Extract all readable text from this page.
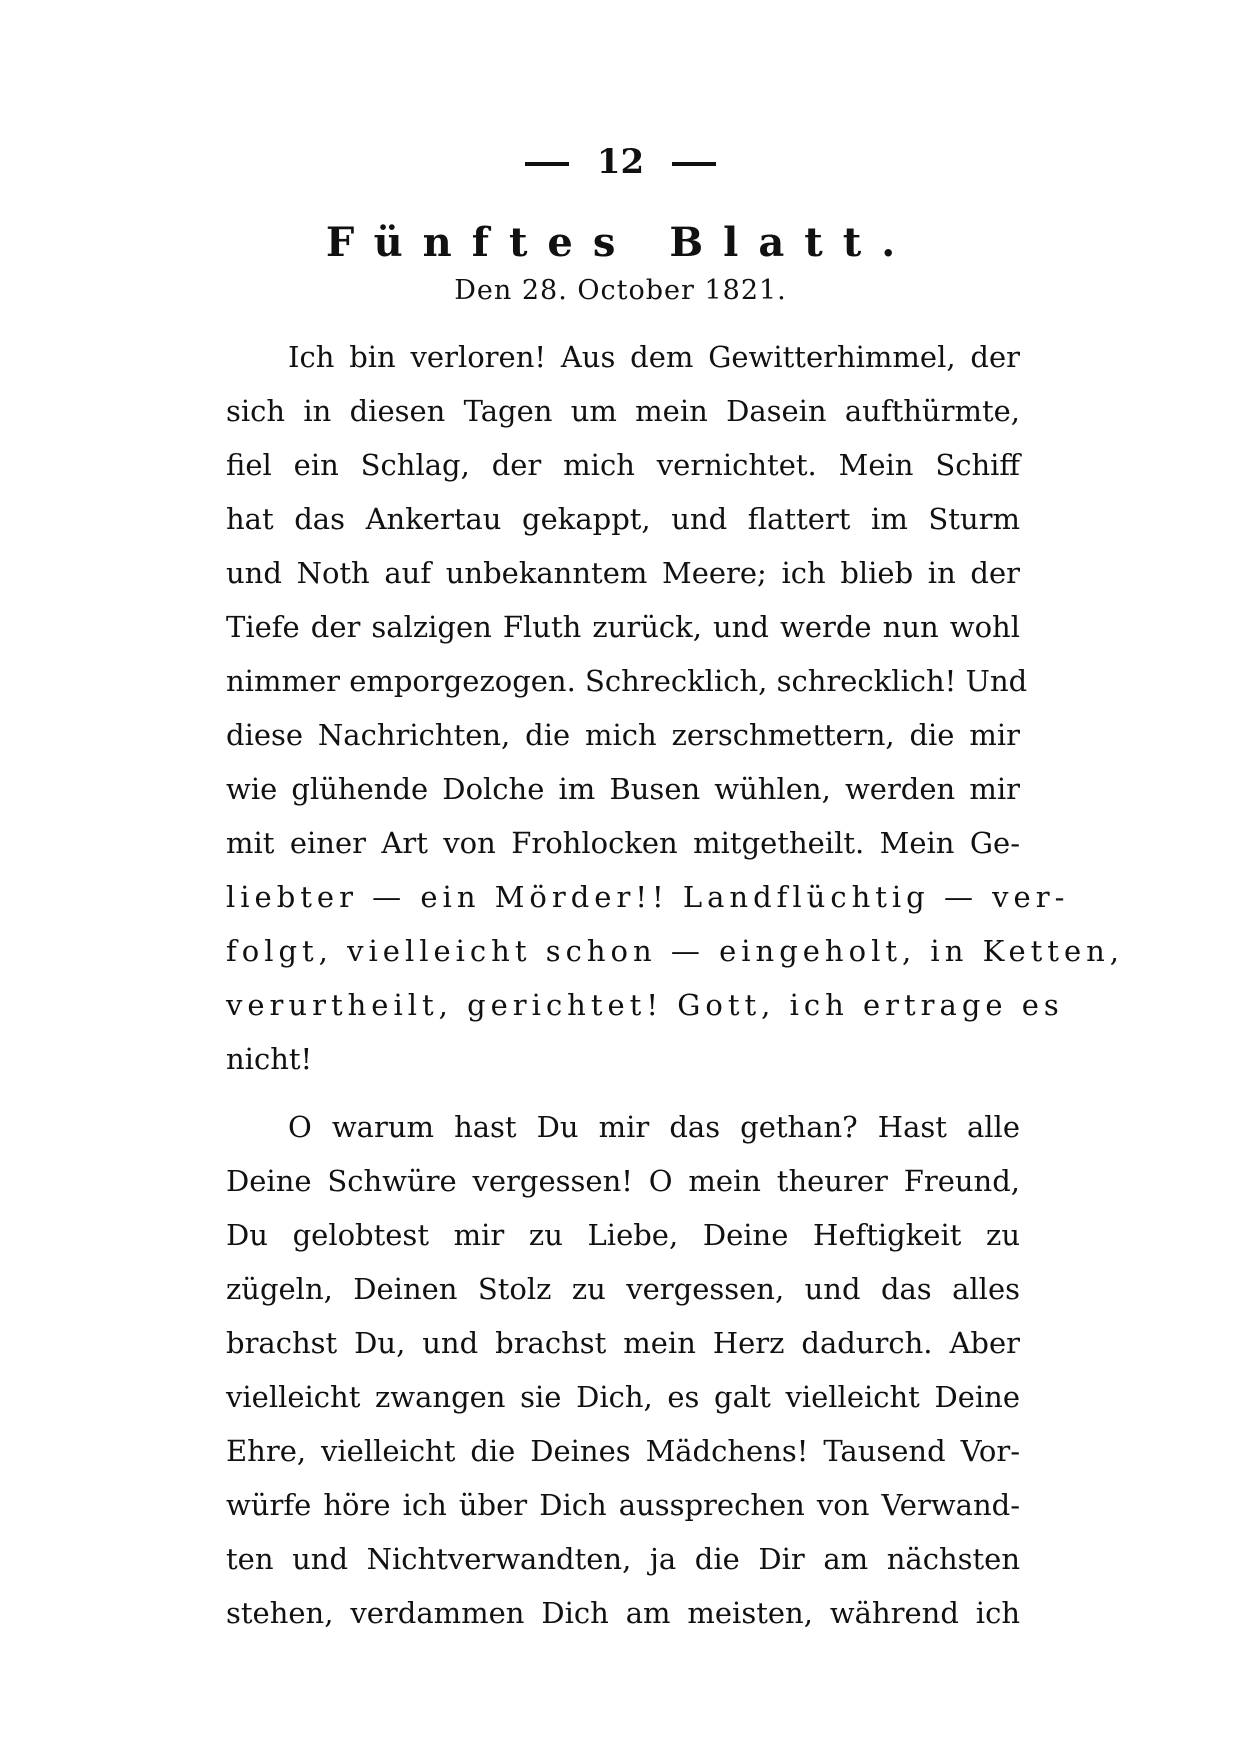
12
Fünftes Blatt.
Den 28. October 1821.
Ich bin verloren! Aus dem Gewitterhimmel, der
sich in diesen Tagen um mein Dasein aufthürmte,
fiel ein Schlag, der mich vernichtet. Mein Schiff
hat das Ankertau gekappt, und flattert im Sturm
und Noth auf unbekanntem Meere; ich blieb in der
Tiefe der salzigen Fluth zurück, und werde nun wohl
nimmer emporgezogen. Schrecklich, schrecklich! Und
diese Nachrichten, die mich zerschmettern, die mir
wie glühende Dolche im Busen wühlen, werden mir
mit einer Art von Frohlocken mitgetheilt. Mein Ge-
liebter — ein Mörder!! Landflüchtig — ver-
folgt, vielleicht schon — eingeholt, in Ketten,
verurtheilt, gerichtet! Gott, ich ertrage es
nicht!
O warum hast Du mir das gethan? Hast alle
Deine Schwüre vergessen! O mein theurer Freund,
Du gelobtest mir zu Liebe, Deine Heftigkeit zu
zügeln, Deinen Stolz zu vergessen, und das alles
brachst Du, und brachst mein Herz dadurch. Aber
vielleicht zwangen sie Dich, es galt vielleicht Deine
Ehre, vielleicht die Deines Mädchens! Tausend Vor-
würfe höre ich über Dich aussprechen von Verwand-
ten und Nichtverwandten, ja die Dir am nächsten
stehen, verdammen Dich am meisten, während ich
